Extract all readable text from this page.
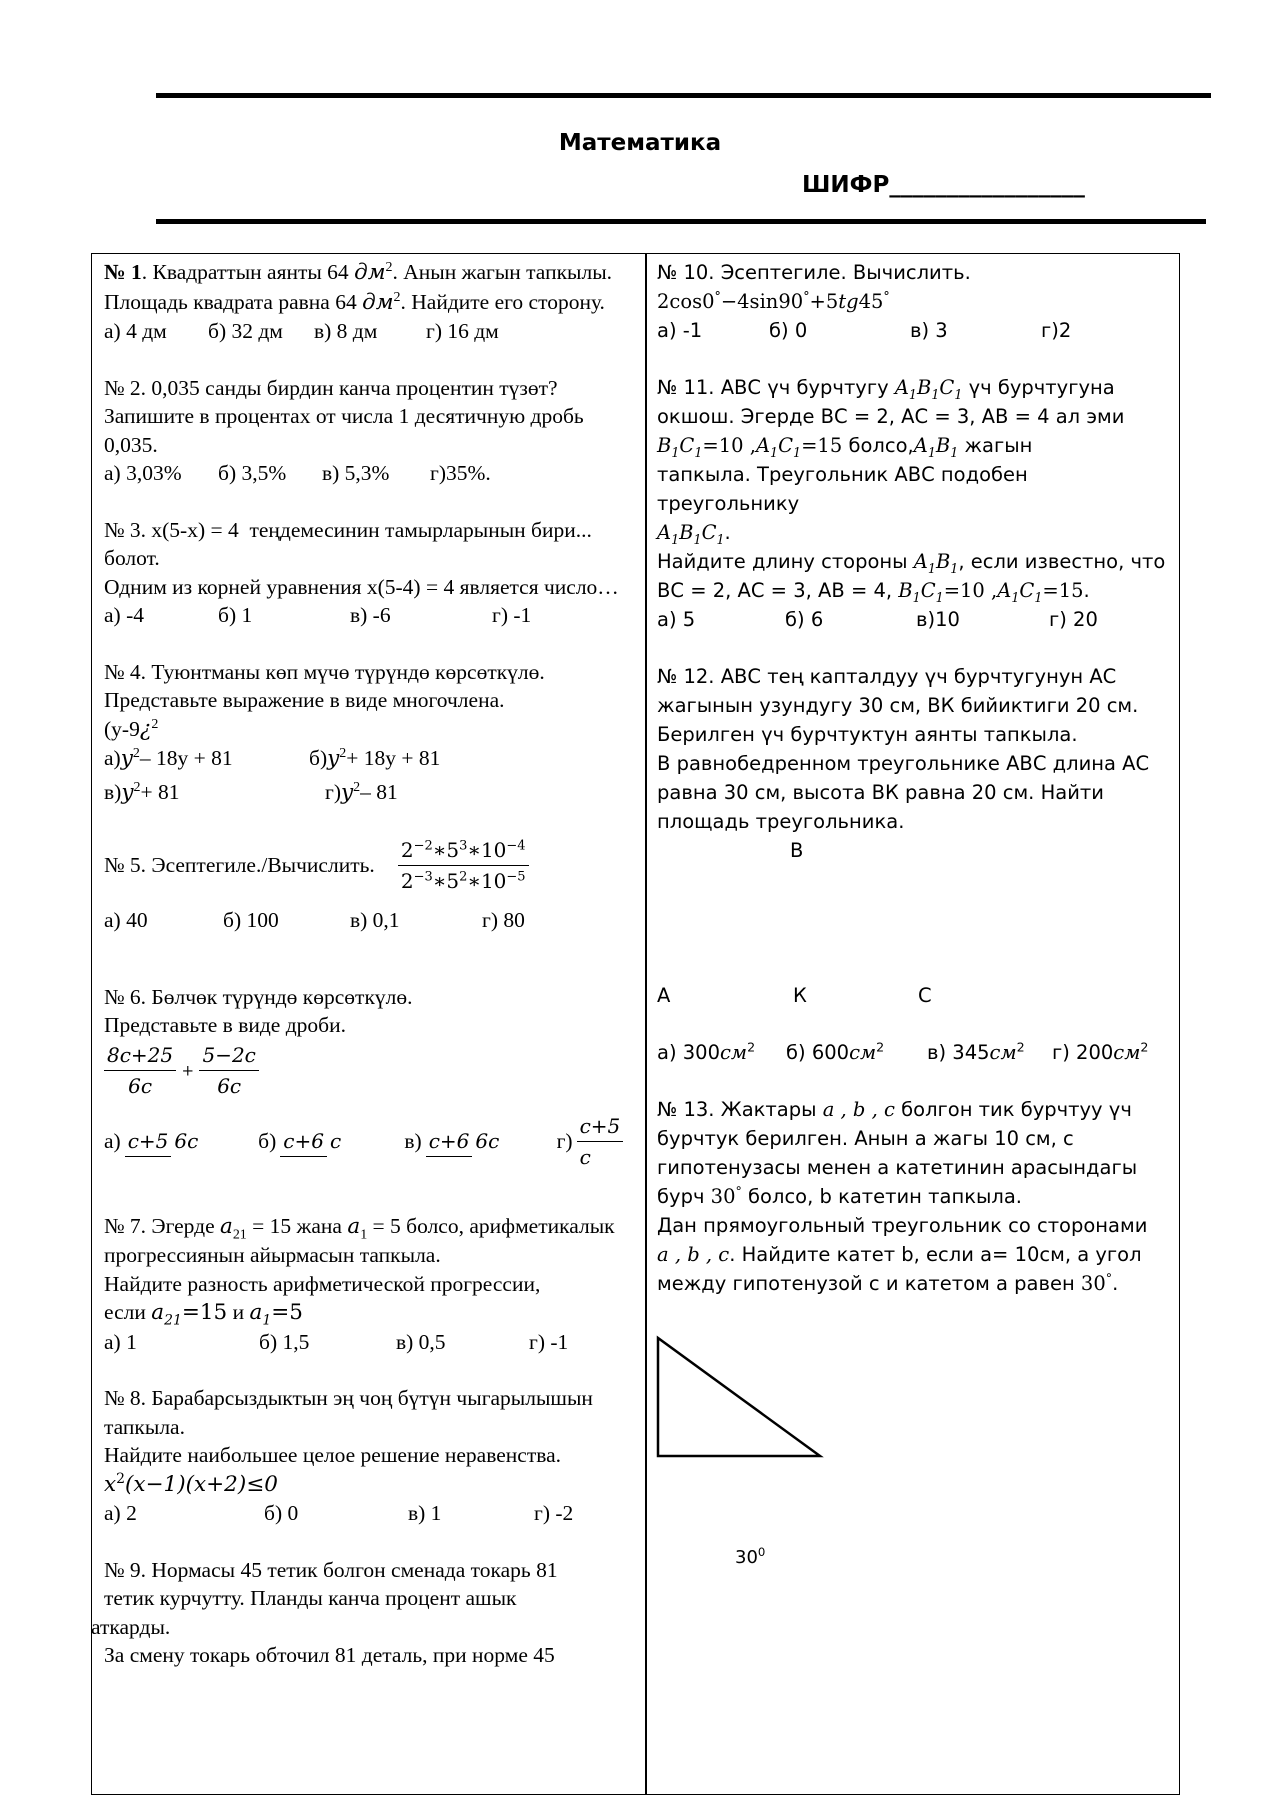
Математика
ШИФР_________________
№ 1. Квадраттын аянты 64 $дм^2$. Анын жагын тапкылы.
Площадь квадрата равна 64 $дм^2$. Найдите его сторону.
а) 4 дм	б) 32 дм	в) 8 дм	г) 16 дм
№ 2. 0,035 санды бирдин канча процентин түзөт?
Запишите в процентах от числа 1 десятичную дробь 0,035.
а) 3,03%	б) 3,5%	в) 5,3%	г)35%.
№ 3. x(5-x) = 4  теңдемесинин тамырларынын бири... болот.
Одним из корней уравнения x(5-4) = 4 является число…
а) -4	б) 1	в) -6	г) -1
№ 4. Туюнтманы көп мүчө түрүндө көрсөткүлө.
Представьте выражение в виде многочлена.
(y-9¿$^2$
$а)y^2-$ 18y + 81	$б)y^2+ 18y + 81$
$в)y^2+ 81$	$г)y^2-$ 81
№ 5. Эсептегиле./Вычислить.	$\frac{2^{-2}∗5^3∗10^{-4}}{2^{-3}∗5^2∗10^{-5}}$
а) 40	б) 100	в) 0,1	г) 80
№ 6. Бөлчөк түрүндө көрсөткүлө.
Представьте в виде дроби.
$\frac{8c+25}{6c} + \frac{5-2c}{6c}$
а) c+5 6c	б) c+6 c	в) c+6 6c	$г) \frac{c+5}{c}$
№ 7. Эгерде $a_{21} = 15$ жана $a_1 = 5$ болсо, арифметикалык прогрессиянын айырмасын тапкыла.
Найдите разность арифметической прогрессии,
если $a_{21}=15$ и $a_1=5$
а) 1	б) 1,5	в) 0,5	г) -1
№ 8. Барабарсыздыктын эң чоң бүтүн чыгарылышын тапкыла.
Найдите наибольшее целое решение неравенства.
$x^2(x-1)(x+2)\le 0$
а) 2	б) 0	в) 1	г) -2
№ 9. Нормасы 45 тетик болгон сменада токарь 81
тетик курчутту. Планды канча процент ашык
аткарды.
За смену токарь обточил 81 деталь, при норме 45
№ 10. Эсептегиле. Вычислить.
2cos0°−4sin90°+5tg45°
а) -1	б) 0	в) 3	г)2
№ 11. АВС үч бурчтугу $A_1B_1C_1$ үч бурчтугуна
окшош. Эгерде ВС = 2, АС = 3, АВ = 4 ал эми
$B_1C_1=10$ $,A_1C_1=15$ $болсо,A_1B_1$ жагын
тапкыла. Треугольник АВС подобен треугольнику
$A_1B_1C_1$.
Найдите длину стороны $A_1B_1$, если известно, что
ВС = 2, АС = 3, АВ = 4, $B_1C_1=10$ $,A_1C_1=15$.
а) 5	б) 6	в)10	г) 20
№ 12. АВС тең капталдуу үч бурчтугунун АС
жагынын узундугу 30 см, ВК бийиктиги 20 см.
Берилген үч бурчтуктун аянты тапкыла.
В равнобедренном треугольнике АВС длина АС
равна 30 см, высота ВК равна 20 см. Найти
площадь треугольника.
В
А	К	С
а) $300см^2$	б) $600см^2$	в) $345см^2$	г) $200см^2$
№ 13. Жактары a , b , c болгон тик бурчтуу үч
бурчтук берилген. Анын а жагы 10 см, с
гипотенузасы менен а катетинин арасындагы
бурч 30° болсо, b катетин тапкыла.
Дан прямоугольный треугольник со сторонами
a , b , c. Найдите катет b, если а= 10см, а угол
между гипотенузой с и катетом а равен 30°.
$30^0$
